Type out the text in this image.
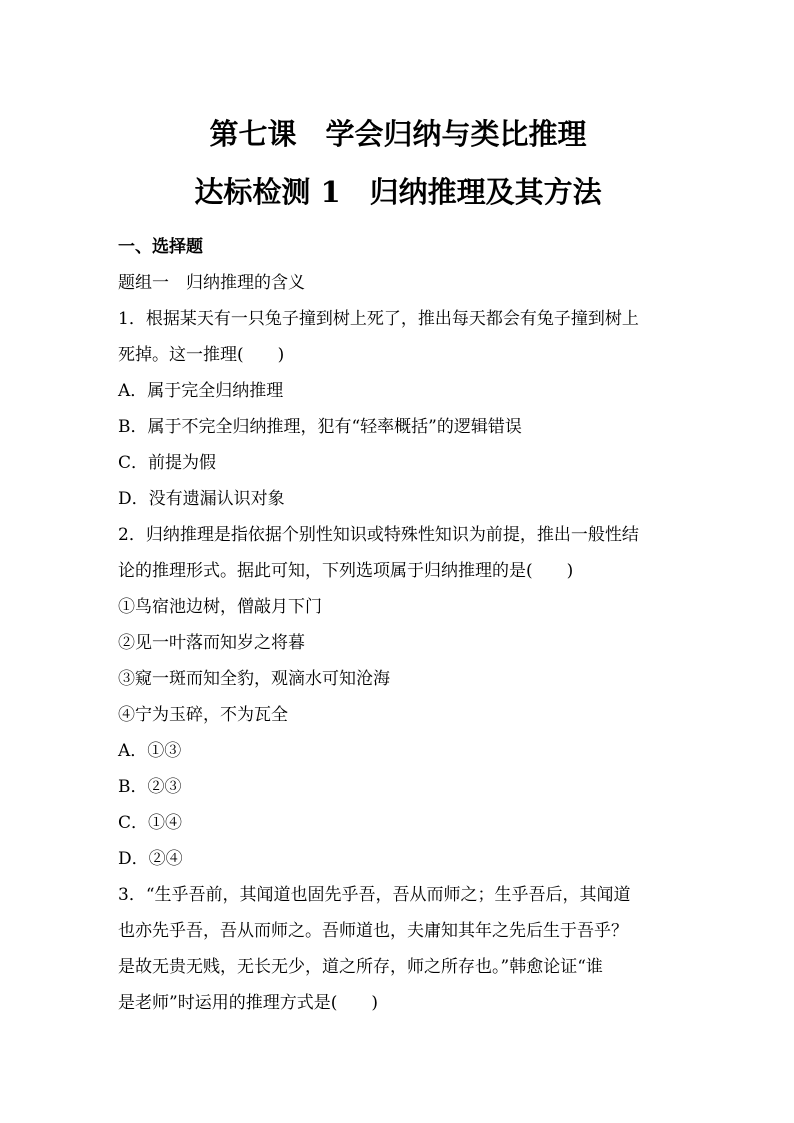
第七课　学会归纳与类比推理
达标检测 1　归纳推理及其方法
一、选择题
题组一　归纳推理的含义
1．根据某天有一只兔子撞到树上死了，推出每天都会有兔子撞到树上
死掉。这一推理(　　)
A．属于完全归纳推理
B．属于不完全归纳推理，犯有“轻率概括”的逻辑错误
C．前提为假
D．没有遗漏认识对象
2．归纳推理是指依据个别性知识或特殊性知识为前提，推出一般性结
论的推理形式。据此可知，下列选项属于归纳推理的是(　　)
①鸟宿池边树，僧敲月下门
②见一叶落而知岁之将暮
③窥一斑而知全豹，观滴水可知沧海
④宁为玉碎，不为瓦全
A．①③
B．②③
C．①④
D．②④
3．“生乎吾前，其闻道也固先乎吾，吾从而师之；生乎吾后，其闻道
也亦先乎吾，吾从而师之。吾师道也，夫庸知其年之先后生于吾乎？
是故无贵无贱，无长无少，道之所存，师之所存也。”韩愈论证“谁
是老师”时运用的推理方式是(　　)
